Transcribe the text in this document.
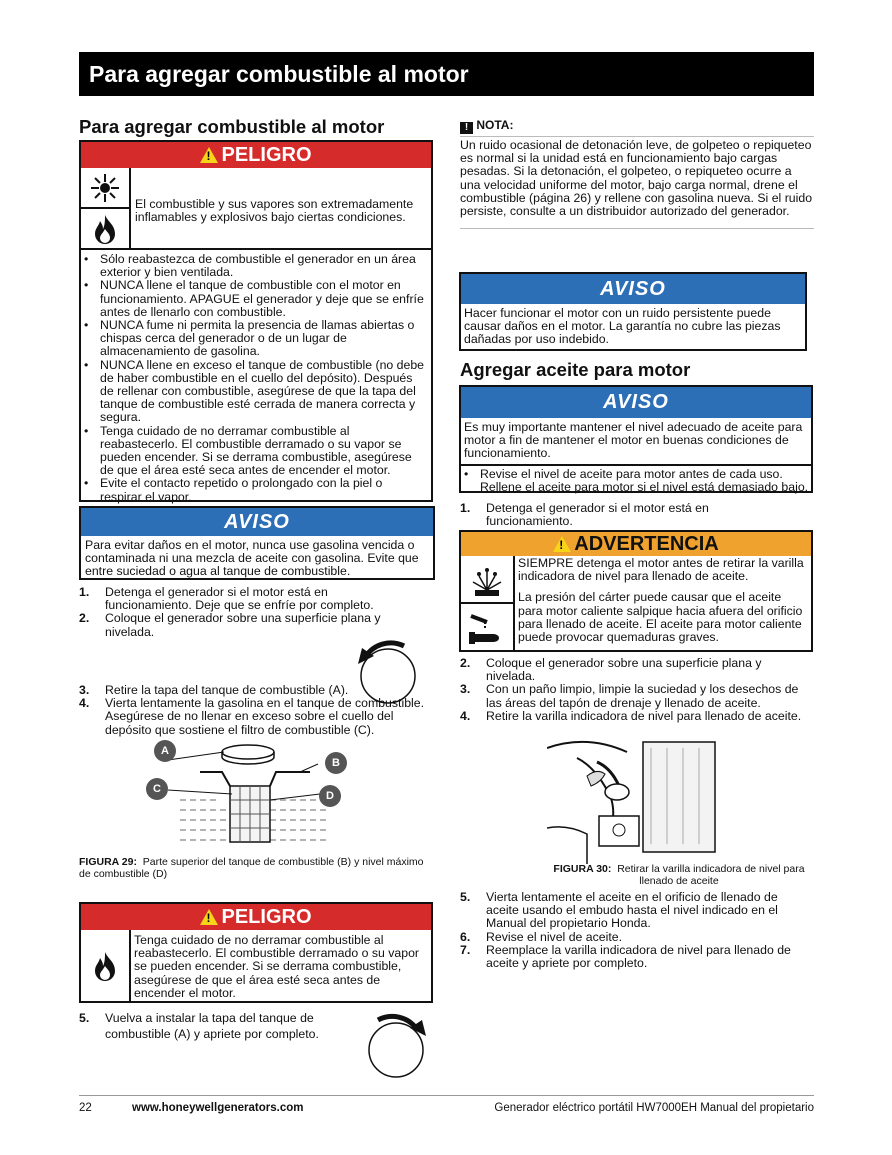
Para agregar combustible al motor
Para agregar combustible al motor
! PELIGRO
El combustible y sus vapores son extremadamente inflamables y explosivos bajo ciertas condiciones.
• Sólo reabastezca de combustible el generador en un área exterior y bien ventilada.
• NUNCA llene el tanque de combustible con el motor en funcionamiento. APAGUE el generador y deje que se enfríe antes de llenarlo con combustible.
• NUNCA fume ni permita la presencia de llamas abiertas o chispas cerca del generador o de un lugar de almacenamiento de gasolina.
• NUNCA llene en exceso el tanque de combustible (no debe de haber combustible en el cuello del depósito). Después de rellenar con combustible, asegúrese de que la tapa del tanque de combustible esté cerrada de manera correcta y segura.
• Tenga cuidado de no derramar combustible al reabastecerlo. El combustible derramado o su vapor se pueden encender. Si se derrama combustible, asegúrese de que el área esté seca antes de encender el motor.
• Evite el contacto repetido o prolongado con la piel o respirar el vapor.
AVISO
Para evitar daños en el motor, nunca use gasolina vencida o contaminada ni una mezcla de aceite con gasolina. Evite que entre suciedad o agua al tanque de combustible.
1. Detenga el generador si el motor está en funcionamiento. Deje que se enfríe por completo.
2. Coloque el generador sobre una superficie plana y nivelada.
3. Retire la tapa del tanque de combustible (A).
4. Vierta lentamente la gasolina en el tanque de combustible. Asegúrese de no llenar en exceso sobre el cuello del depósito que sostiene el filtro de combustible (C).
A
B
C
D
FIGURA 29: Parte superior del tanque de combustible (B) y nivel máximo de combustible (D)
! PELIGRO
Tenga cuidado de no derramar combustible al reabastecerlo. El combustible derramado o su vapor se pueden encender. Si se derrama combustible, asegúrese de que el área esté seca antes de encender el motor.
5. Vuelva a instalar la tapa del tanque de combustible (A) y apriete por completo.
! NOTA:
Un ruido ocasional de detonación leve, de golpeteo o repiqueteo es normal si la unidad está en funcionamiento bajo cargas pesadas. Si la detonación, el golpeteo, o repiqueteo ocurre a una velocidad uniforme del motor, bajo carga normal, drene el combustible (página 26) y rellene con gasolina nueva. Si el ruido persiste, consulte a un distribuidor autorizado del generador.
AVISO
Hacer funcionar el motor con un ruido persistente puede causar daños en el motor. La garantía no cubre las piezas dañadas por uso indebido.
Agregar aceite para motor
AVISO
Es muy importante mantener el nivel adecuado de aceite para motor a fin de mantener el motor en buenas condiciones de funcionamiento.
• Revise el nivel de aceite para motor antes de cada uso. Rellene el aceite para motor si el nivel está demasiado bajo.
1. Detenga el generador si el motor está en funcionamiento.
! ADVERTENCIA
SIEMPRE detenga el motor antes de retirar la varilla indicadora de nivel para llenado de aceite.
La presión del cárter puede causar que el aceite para motor caliente salpique hacia afuera del orificio para llenado de aceite. El aceite para motor caliente puede provocar quemaduras graves.
2. Coloque el generador sobre una superficie plana y nivelada.
3. Con un paño limpio, limpie la suciedad y los desechos de las áreas del tapón de drenaje y llenado de aceite.
4. Retire la varilla indicadora de nivel para llenado de aceite.
FIGURA 30: Retirar la varilla indicadora de nivel para llenado de aceite
5. Vierta lentamente el aceite en el orificio de llenado de aceite usando el embudo hasta el nivel indicado en el Manual del propietario Honda.
6. Revise el nivel de aceite.
7. Reemplace la varilla indicadora de nivel para llenado de aceite y apriete por completo.
22	www.honeywellgenerators.com	Generador eléctrico portátil HW7000EH Manual del propietario
